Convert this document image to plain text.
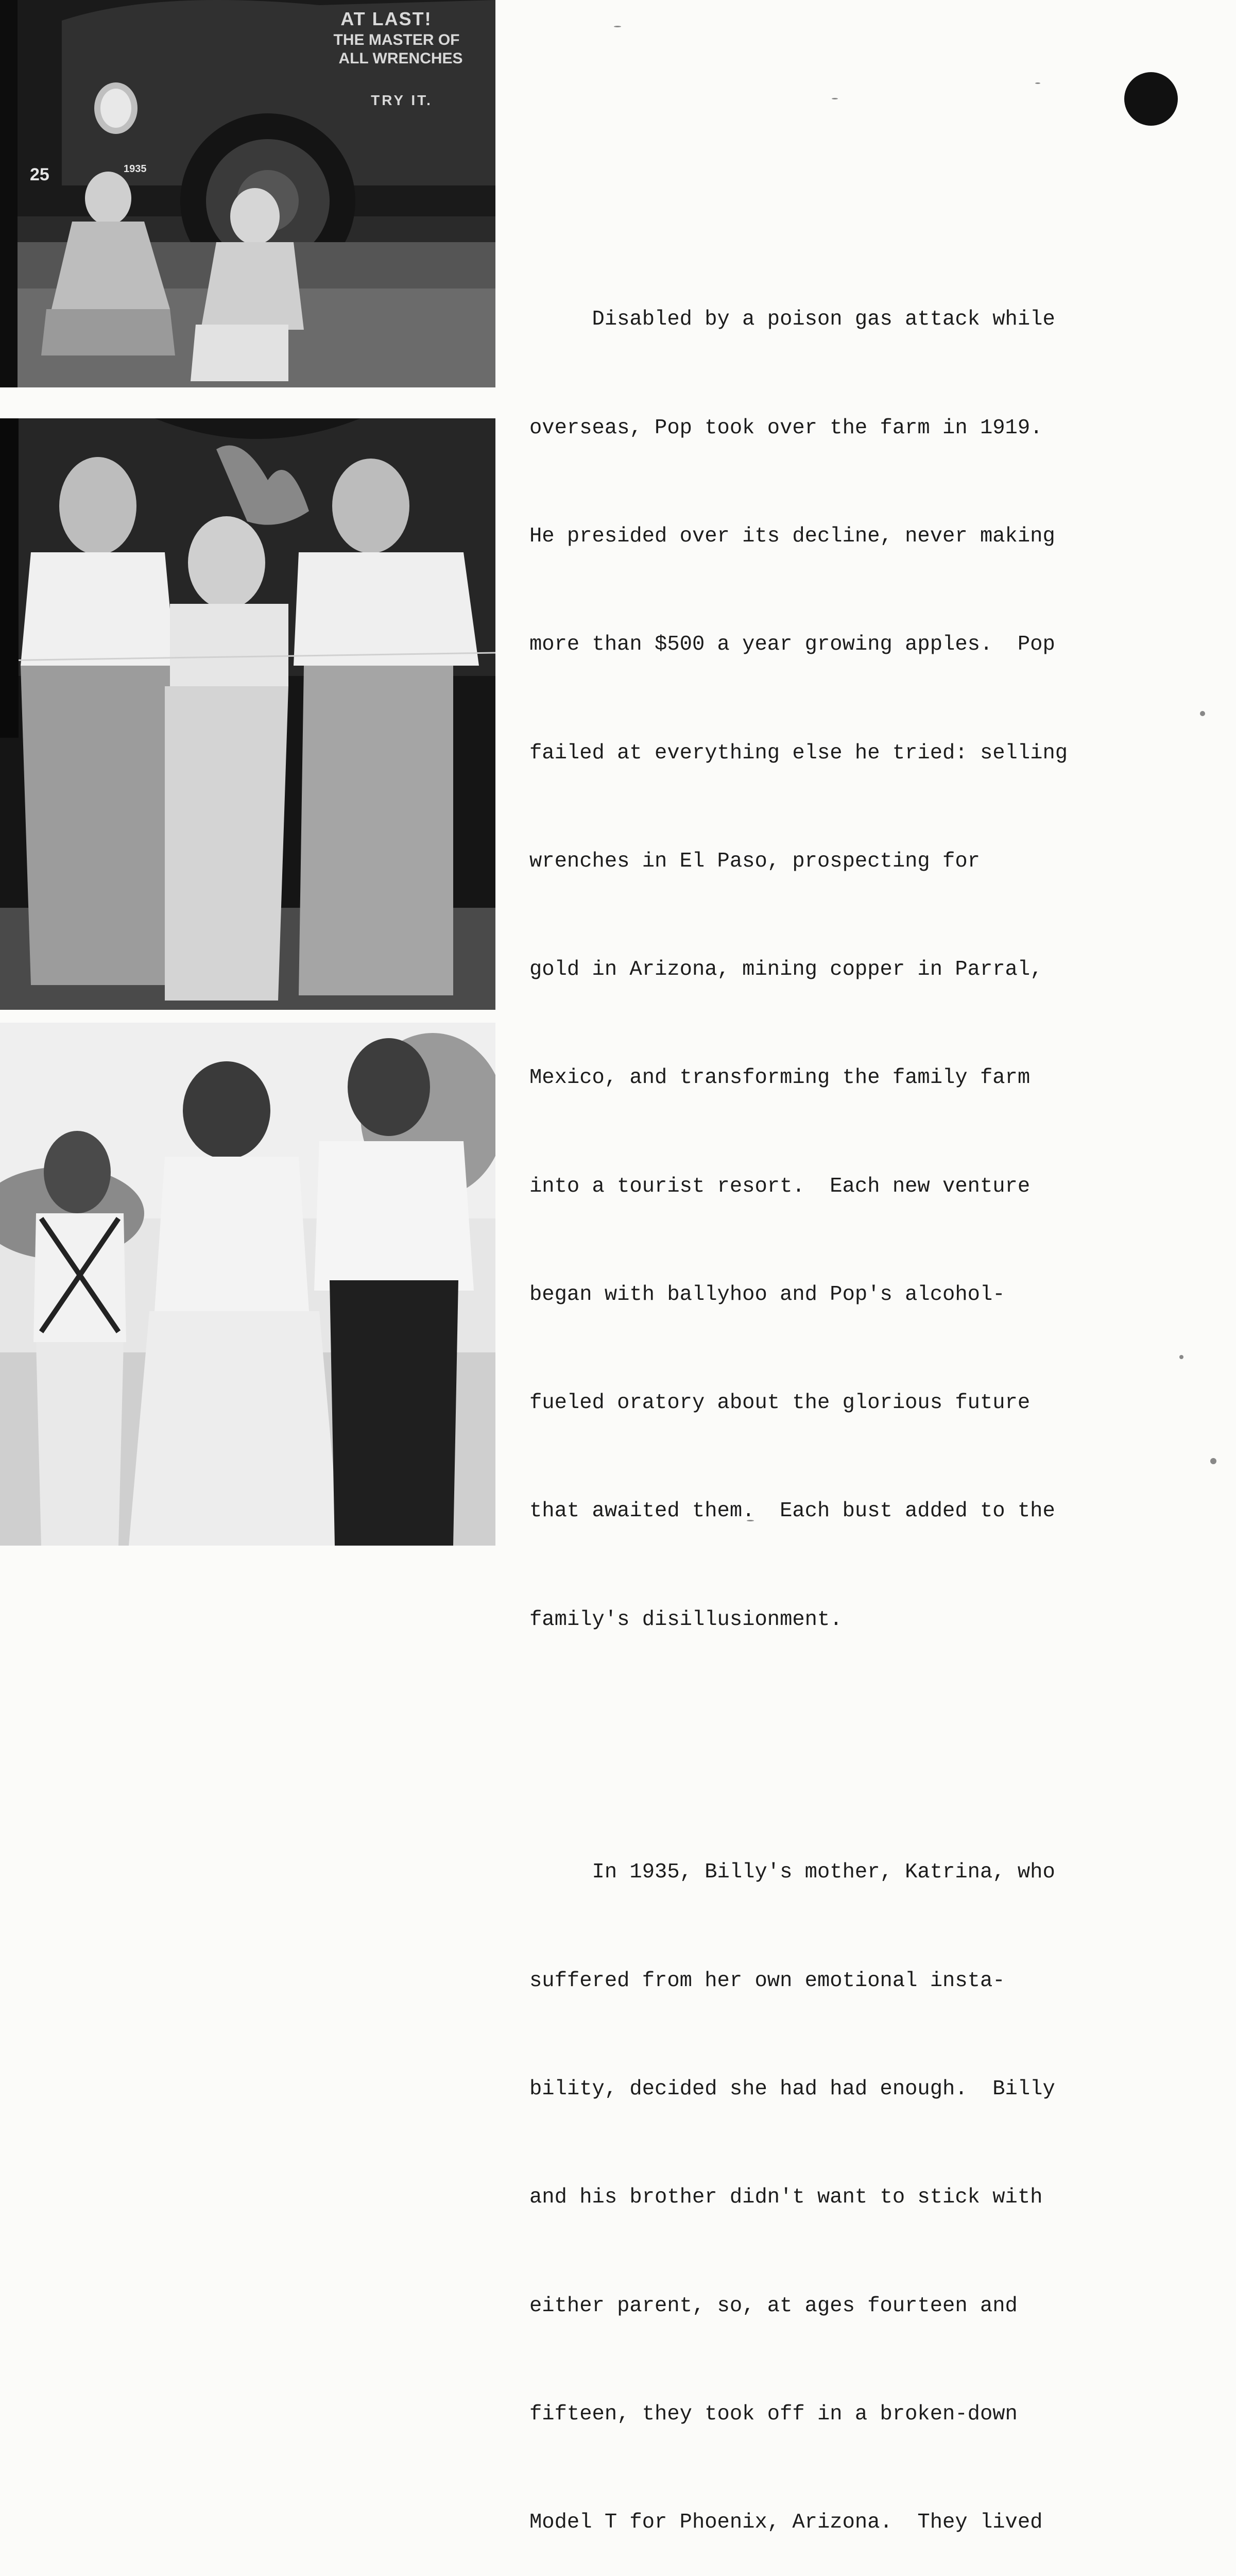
AT LAST!
THE MASTER OF
ALL WRENCHES
TRY IT.
25	1935

Disabled by a poison gas attack while

overseas, Pop took over the farm in 1919.

He presided over its decline, never making

more than $500 a year growing apples.  Pop

failed at everything else he tried: selling

wrenches in El Paso, prospecting for

gold in Arizona, mining copper in Parral,

Mexico, and transforming the family farm

into a tourist resort.  Each new venture

began with ballyhoo and Pop's alcohol-

fueled oratory about the glorious future

that awaited them.  Each bust added to the

family's disillusionment.

In 1935, Billy's mother, Katrina, who

suffered from her own emotional insta-

bility, decided she had had enough.  Billy

and his brother didn't want to stick with

either parent, so, at ages fourteen and

fifteen, they took off in a broken-down

Model T for Phoenix, Arizona.  They lived
